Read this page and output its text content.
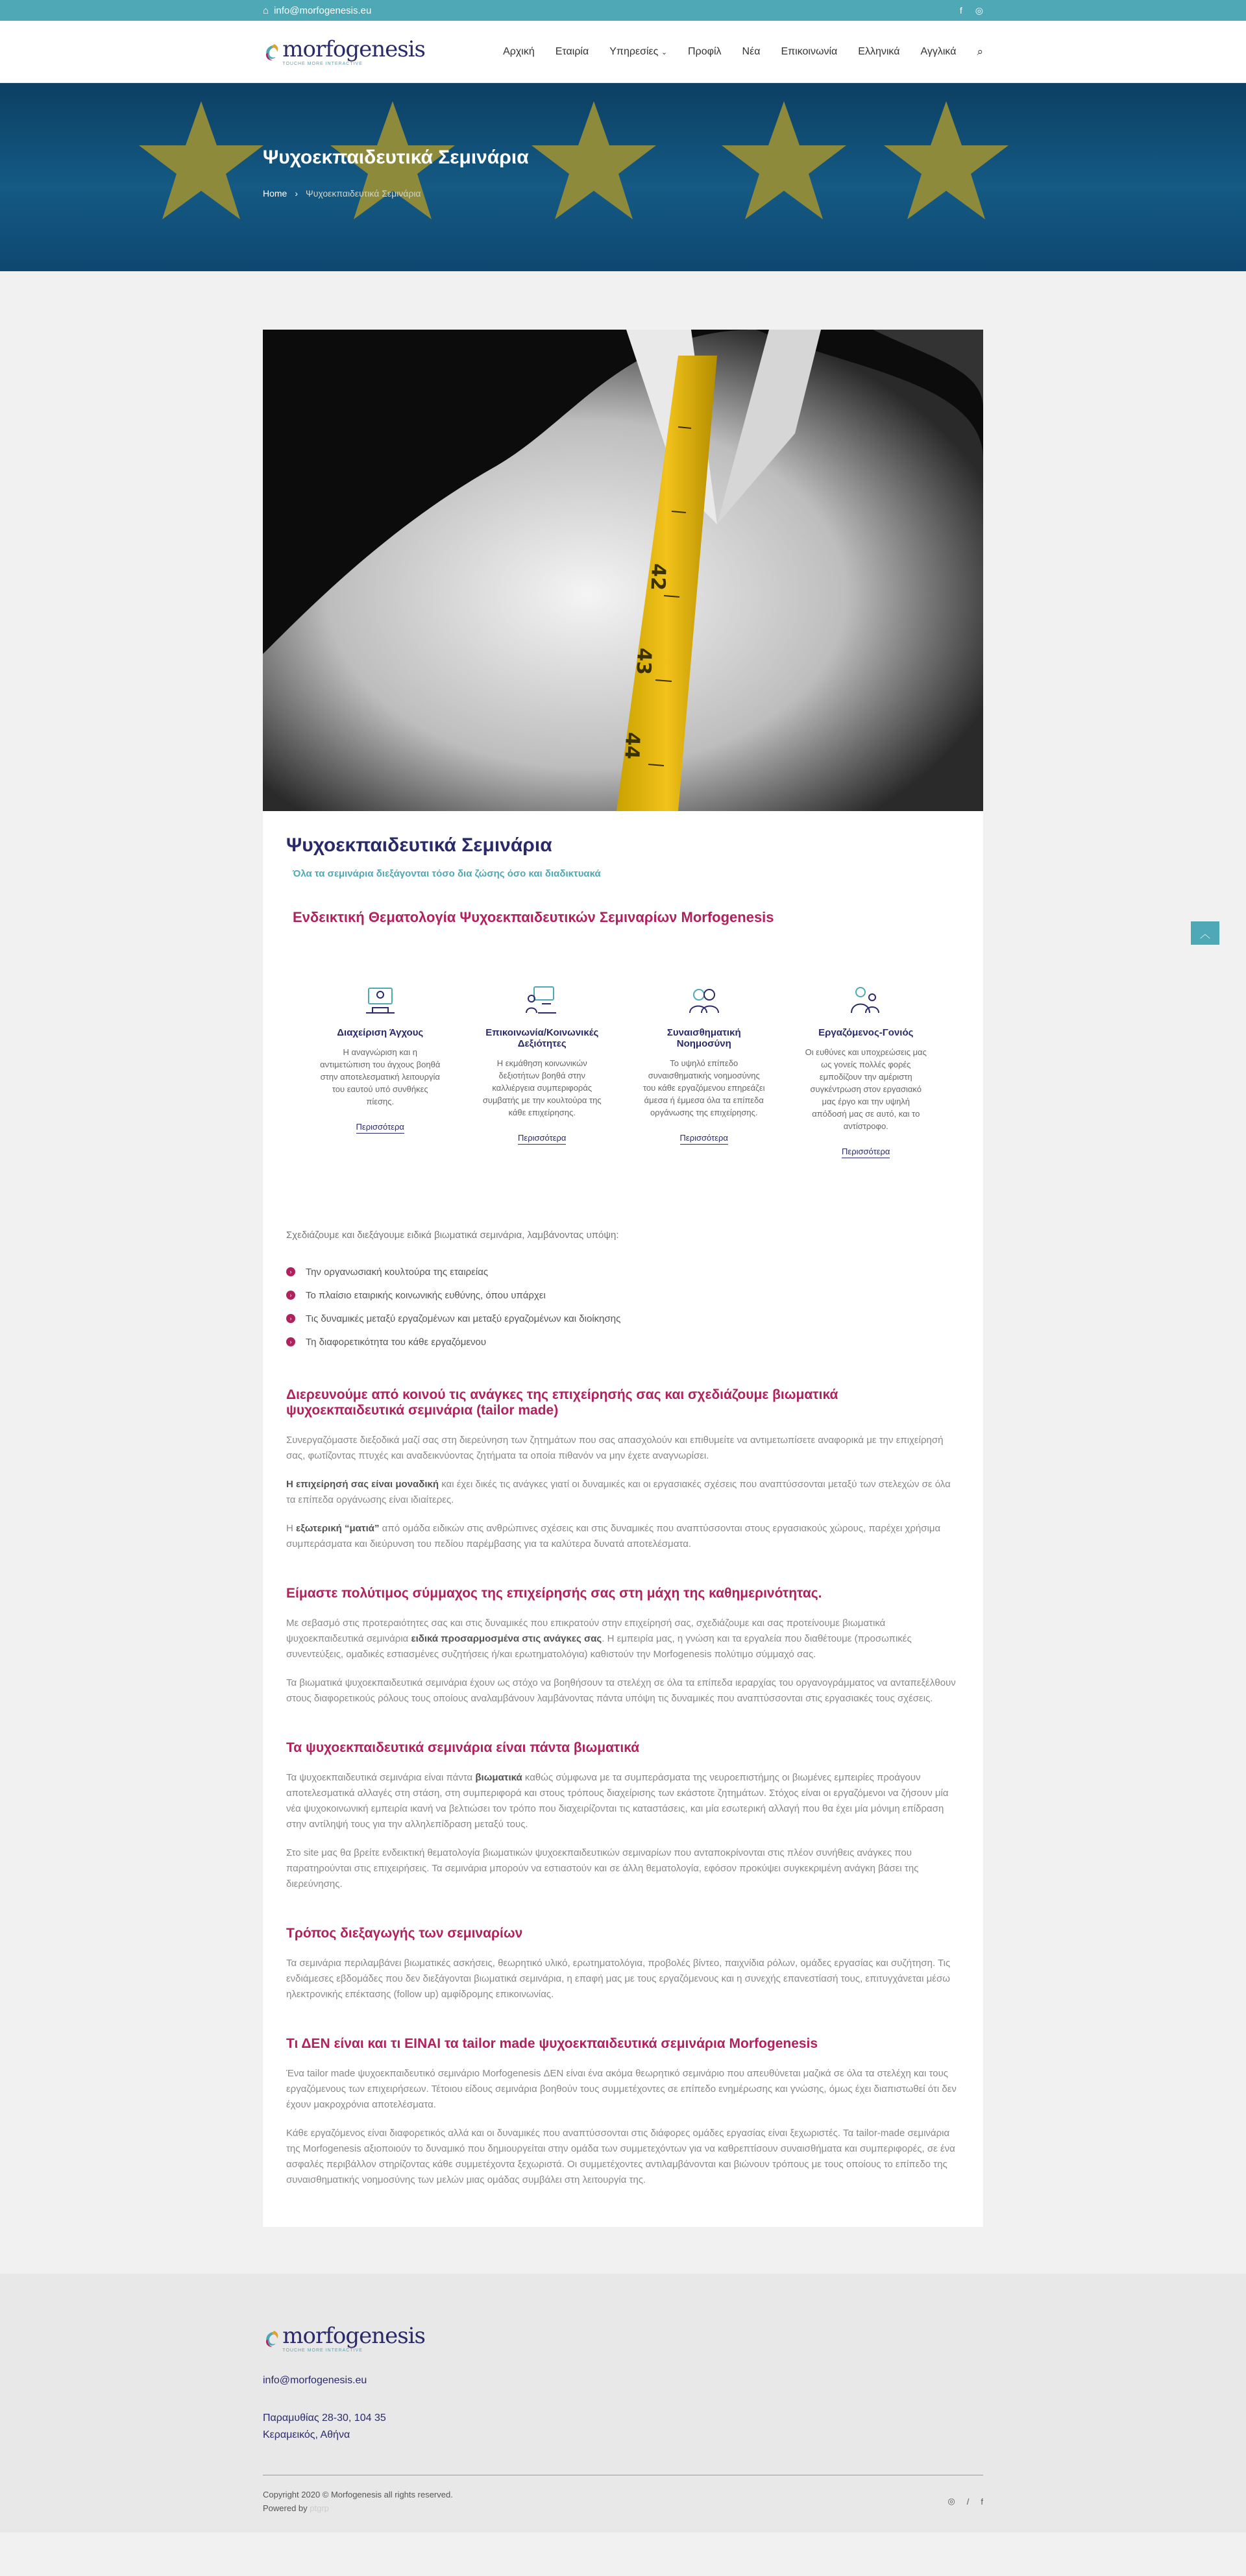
⌂ info@morfogenesis.eu	f ◎
morfogenesis
TOUCHE MORE INTERACTIVE
Αρχική Εταιρία Υπηρεσίες ⌄ Προφίλ Νέα Επικοινωνία Ελληνικά Αγγλικά ⌕
Ψυχοεκπαιδευτικά Σεμινάρια
Home › Ψυχοεκπαιδευτικά Σεμινάρια
42
43
44
Ψυχοεκπαιδευτικά Σεμινάρια

Όλα τα σεμινάρια διεξάγονται τόσο δια ζώσης όσο και διαδικτυακά

Ενδεικτική Θεματολογία Ψυχοεκπαιδευτικών Σεμιναρίων Morfogenesis
Διαχείριση Άγχους

Η αναγνώριση και η αντιμετώπιση του άγχους βοηθά στην αποτελεσματική λειτουργία του εαυτού υπό συνθήκες πίεσης.

Περισσότερα
Επικοινωνία/Κοινωνικές Δεξιότητες

Η εκμάθηση κοινωνικών δεξιοτήτων βοηθά στην καλλιέργεια συμπεριφοράς συμβατής με την κουλτούρα της κάθε επιχείρησης.

Περισσότερα
Συναισθηματική Νοημοσύνη

Το υψηλό επίπεδο συναισθηματικής νοημοσύνης του κάθε εργαζόμενου επηρεάζει άμεσα ή έμμεσα όλα τα επίπεδα οργάνωσης της επιχείρησης.

Περισσότερα
Εργαζόμενος-Γονιός

Οι ευθύνες και υποχρεώσεις μας ως γονείς πολλές φορές εμποδίζουν την αμέριστη συγκέντρωση στον εργασιακό μας έργο και την υψηλή απόδοσή μας σε αυτό, και το αντίστροφο.

Περισσότερα

Σχεδιάζουμε και διεξάγουμε ειδικά βιωματικά σεμινάρια, λαμβάνοντας υπόψη:

›	Την οργανωσιακή κουλτούρα της εταιρείας
›	Το πλαίσιο εταιρικής κοινωνικής ευθύνης, όπου υπάρχει
›	Τις δυναμικές μεταξύ εργαζομένων και μεταξύ εργαζομένων και διοίκησης
›	Τη διαφορετικότητα του κάθε εργαζόμενου
Διερευνούμε από κοινού τις ανάγκες της επιχείρησής σας και σχεδιάζουμε βιωματικά ψυχοεκπαιδευτικά σεμινάρια (tailor made)

Συνεργαζόμαστε διεξοδικά μαζί σας στη διερεύνηση των ζητημάτων που σας απασχολούν και επιθυμείτε να αντιμετωπίσετε αναφορικά με την επιχείρησή σας, φωτίζοντας πτυχές και αναδεικνύοντας ζητήματα τα οποία πιθανόν να μην έχετε αναγνωρίσει.

Η επιχείρησή σας είναι μοναδική και έχει δικές τις ανάγκες γιατί οι δυναμικές και οι εργασιακές σχέσεις που αναπτύσσονται μεταξύ των στελεχών σε όλα τα επίπεδα οργάνωσης είναι ιδιαίτερες.

Η εξωτερική “ματιά” από ομάδα ειδικών στις ανθρώπινες σχέσεις και στις δυναμικές που αναπτύσσονται στους εργασιακούς χώρους, παρέχει χρήσιμα συμπεράσματα και διεύρυνση του πεδίου παρέμβασης για τα καλύτερα δυνατά αποτελέσματα.

Είμαστε πολύτιμος σύμμαχος της επιχείρησής σας στη μάχη της καθημερινότητας.

Με σεβασμό στις προτεραιότητες σας και στις δυναμικές που επικρατούν στην επιχείρησή σας, σχεδιάζουμε και σας προτείνουμε βιωματικά ψυχοεκπαιδευτικά σεμινάρια ειδικά προσαρμοσμένα στις ανάγκες σας. Η εμπειρία μας, η γνώση και τα εργαλεία που διαθέτουμε (προσωπικές συνεντεύξεις, ομαδικές εστιασμένες συζητήσεις ή/και ερωτηματολόγια) καθιστούν την Morfogenesis πολύτιμο σύμμαχό σας.

Τα βιωματικά ψυχοεκπαιδευτικά σεμινάρια έχουν ως στόχο να βοηθήσουν τα στελέχη σε όλα τα επίπεδα ιεραρχίας του οργανογράμματος να ανταπεξέλθουν στους διαφορετικούς ρόλους τους οποίους αναλαμβάνουν λαμβάνοντας πάντα υπόψη τις δυναμικές που αναπτύσσονται στις εργασιακές τους σχέσεις.

Τα ψυχοεκπαιδευτικά σεμινάρια είναι πάντα βιωματικά

Τα ψυχοεκπαιδευτικά σεμινάρια είναι πάντα βιωματικά καθώς σύμφωνα με τα συμπεράσματα της νευροεπιστήμης οι βιωμένες εμπειρίες προάγουν αποτελεσματικά αλλαγές στη στάση, στη συμπεριφορά και στους τρόπους διαχείρισης των εκάστοτε ζητημάτων. Στόχος είναι οι εργαζόμενοι να ζήσουν μία νέα ψυχοκοινωνική εμπειρία ικανή να βελτιώσει τον τρόπο που διαχειρίζονται τις καταστάσεις, και μία εσωτερική αλλαγή που θα έχει μία μόνιμη επίδραση στην αντίληψή τους για την αλληλεπίδραση μεταξύ τους.

Στο site μας θα βρείτε ενδεικτική θεματολογία βιωματικών ψυχοεκπαιδευτικών σεμιναρίων που ανταποκρίνονται στις πλέον συνήθεις ανάγκες που παρατηρούνται στις επιχειρήσεις. Τα σεμινάρια μπορούν να εστιαστούν και σε άλλη θεματολογία, εφόσον προκύψει συγκεκριμένη ανάγκη βάσει της διερεύνησης.

Τρόπος διεξαγωγής των σεμιναρίων

Τα σεμινάρια περιλαμβάνει βιωματικές ασκήσεις, θεωρητικό υλικό, ερωτηματολόγια, προβολές βίντεο, παιχνίδια ρόλων, ομάδες εργασίας και συζήτηση. Τις ενδιάμεσες εβδομάδες που δεν διεξάγονται βιωματικά σεμινάρια, η επαφή μας με τους εργαζόμενους και η συνεχής επανεστίασή τους, επιτυγχάνεται μέσω ηλεκτρονικής επέκτασης (follow up) αμφίδρομης επικοινωνίας.

Τι ΔΕΝ είναι και τι ΕΙΝΑΙ τα tailor made ψυχοεκπαιδευτικά σεμινάρια Morfogenesis

Ένα tailor made ψυχοεκπαιδευτικό σεμινάριο Morfogenesis ΔΕΝ είναι ένα ακόμα θεωρητικό σεμινάριο που απευθύνεται μαζικά σε όλα τα στελέχη και τους εργαζόμενους των επιχειρήσεων. Τέτοιου είδους σεμινάρια βοηθούν τους συμμετέχοντες σε επίπεδο ενημέρωσης και γνώσης, όμως έχει διαπιστωθεί ότι δεν έχουν μακροχρόνια αποτελέσματα.

Κάθε εργαζόμενος είναι διαφορετικός αλλά και οι δυναμικές που αναπτύσσονται στις διάφορες ομάδες εργασίας είναι ξεχωριστές. Τα tailor-made σεμινάρια της Morfogenesis αξιοποιούν το δυναμικό που δημιουργείται στην ομάδα των συμμετεχόντων για να καθρεπτίσουν συναισθήματα και συμπεριφορές, σε ένα ασφαλές περιβάλλον στηρίζοντας κάθε συμμετέχοντα ξεχωριστά. Οι συμμετέχοντες αντιλαμβάνονται και βιώνουν τρόπους με τους οποίους το επίπεδο της συναισθηματικής νοημοσύνης των μελών μιας ομάδας συμβάλει στη λειτουργία της.

︿
morfogenesis
TOUCHE MORE INTERACTIVE

info@morfogenesis.eu

Παραμυθίας 28-30, 104 35
Κεραμεικός, Αθήνα
Copyright 2020 © Morfogenesis all rights reserved.
Powered by ptgrp
◎ / f
